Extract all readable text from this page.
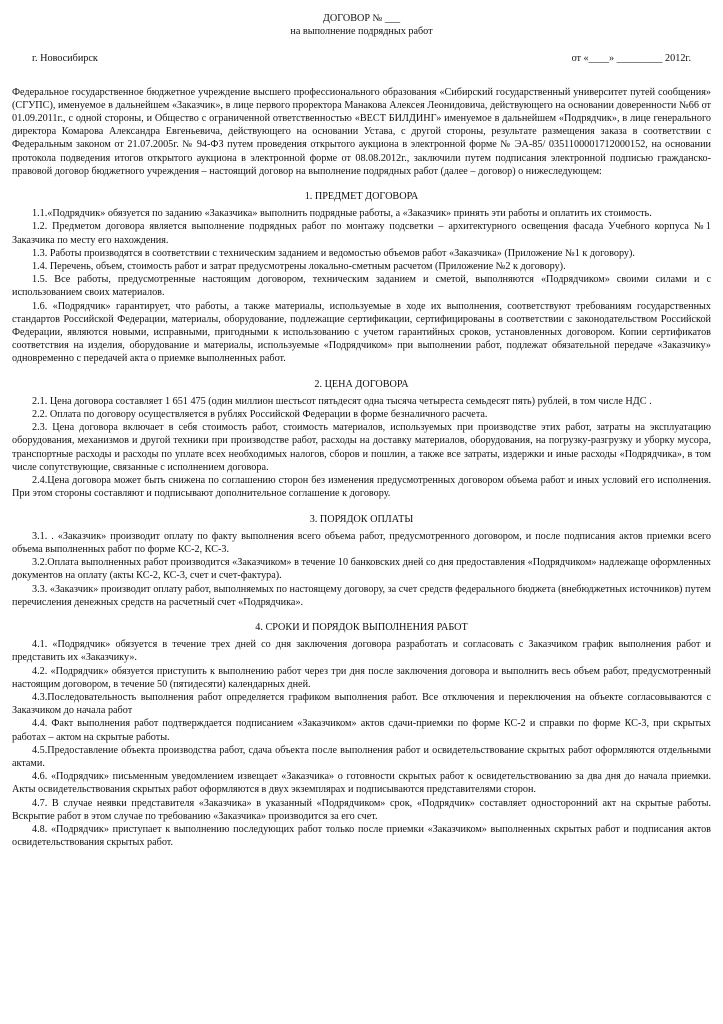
ДОГОВОР № ___

на выполнение подрядных работ

г. Новосибирск	от «____» _________ 2012г.

Федеральное государственное бюджетное учреждение высшего профессионального образования «Сибирский государственный университет путей сообщения» (СГУПС), именуемое в дальнейшем «Заказчик», в лице первого проректора Манакова Алексея Леонидовича, действующего на основании доверенности №66 от 01.09.2011г., с одной стороны, и Общество с ограниченной ответственностью «ВЕСТ БИЛДИНГ» именуемое в дальнейшем «Подрядчик», в лице генерального директора Комарова Александра Евгеньевича, действующего на основании Устава, с другой стороны, результате размещения заказа в соответствии с Федеральным законом от 21.07.2005г. № 94-ФЗ путем проведения открытого аукциона в электронной форме № ЭА-85/ 0351100001712000152, на основании протокола подведения итогов открытого аукциона в электронной форме от 08.08.2012г., заключили путем подписания электронной подписью гражданско-правовой договор бюджетного учреждения – настоящий договор на выполнение подрядных работ (далее – договор) о нижеследующем:

1. ПРЕДМЕТ ДОГОВОРА

1.1.«Подрядчик» обязуется по заданию «Заказчика» выполнить подрядные работы, а «Заказчик» принять эти работы и оплатить их стоимость.

1.2. Предметом договора является выполнение подрядных работ по монтажу подсветки – архитектурного освещения фасада Учебного корпуса №1 Заказчика по месту его нахождения.

1.3. Работы производятся в соответствии с техническим заданием и ведомостью объемов работ «Заказчика» (Приложение №1 к договору).

1.4. Перечень, объем, стоимость работ и затрат предусмотрены локально-сметным расчетом (Приложение №2 к договору).

1.5. Все работы, предусмотренные настоящим договором, техническим заданием и сметой, выполняются «Подрядчиком» своими силами и с использованием своих материалов.

1.6. «Подрядчик» гарантирует, что работы, а также материалы, используемые в ходе их выполнения, соответствуют требованиям государственных стандартов Российской Федерации, материалы, оборудование, подлежащие сертификации, сертифицированы в соответствии с законодательством Российской Федерации, являются новыми, исправными, пригодными к использованию с учетом гарантийных сроков, установленных договором. Копии сертификатов соответствия на изделия, оборудование и материалы, используемые «Подрядчиком» при выполнении работ, подлежат обязательной передаче «Заказчику» одновременно с передачей акта о приемке выполненных работ.

2. ЦЕНА ДОГОВОРА

2.1. Цена договора составляет 1 651 475 (один миллион шестьсот пятьдесят одна тысяча четыреста семьдесят пять) рублей, в том числе НДС .

2.2. Оплата по договору осуществляется в рублях Российской Федерации в форме безналичного расчета.

2.3. Цена договора включает в себя стоимость работ, стоимость материалов, используемых при производстве этих работ, затраты на эксплуатацию оборудования, механизмов и другой техники при производстве работ, расходы на доставку материалов, оборудования, на погрузку-разгрузку и уборку мусора, транспортные расходы и расходы по уплате всех необходимых налогов, сборов и пошлин, а также все затраты, издержки и иные расходы «Подрядчика», в том числе сопутствующие, связанные с исполнением договора.

2.4.Цена договора может быть снижена по соглашению сторон без изменения предусмотренных договором объема работ и иных условий его исполнения. При этом стороны составляют и подписывают дополнительное соглашение к договору.

3. ПОРЯДОК ОПЛАТЫ

3.1. . «Заказчик» производит оплату по факту выполнения всего объема работ, предусмотренного договором, и после подписания актов приемки всего объема выполненных работ по форме КС-2, КС-3.

3.2.Оплата выполненных работ производится «Заказчиком» в течение 10 банковских дней со дня предоставления «Подрядчиком» надлежаще оформленных документов на оплату (акты КС-2, КС-3, счет и счет-фактура).

3.3. «Заказчик» производит оплату работ, выполняемых по настоящему договору, за счет средств федерального бюджета (внебюджетных источников) путем перечисления денежных средств на расчетный счет «Подрядчика».

4. СРОКИ И ПОРЯДОК ВЫПОЛНЕНИЯ РАБОТ

4.1. «Подрядчик» обязуется в течение трех дней со дня заключения договора разработать и согласовать с Заказчиком график выполнения работ и представить их «Заказчику».

4.2. «Подрядчик» обязуется приступить к выполнению работ через три дня после заключения договора и выполнить весь объем работ, предусмотренный настоящим договором, в течение 50 (пятидесяти) календарных дней.

4.3.Последовательность выполнения работ определяется графиком выполнения работ. Все отключения и переключения на объекте согласовываются с Заказчиком до начала работ

4.4. Факт выполнения работ подтверждается подписанием «Заказчиком» актов сдачи-приемки по форме КС-2 и справки по форме КС-3, при скрытых работах – актом на скрытые работы.

4.5.Предоставление объекта производства работ, сдача объекта после выполнения работ и освидетельствование скрытых работ оформляются отдельными актами.

4.6. «Подрядчик» письменным уведомлением извещает «Заказчика» о готовности скрытых работ к освидетельствованию за два дня до начала приемки. Акты освидетельствования скрытых работ оформляются в двух экземплярах и подписываются представителями сторон.

4.7. В случае неявки представителя «Заказчика» в указанный «Подрядчиком» срок, «Подрядчик» составляет односторонний акт на скрытые работы. Вскрытие работ в этом случае по требованию «Заказчика» производится за его счет.

4.8. «Подрядчик» приступает к выполнению последующих работ только после приемки «Заказчиком» выполненных скрытых работ и подписания актов освидетельствования скрытых работ.
